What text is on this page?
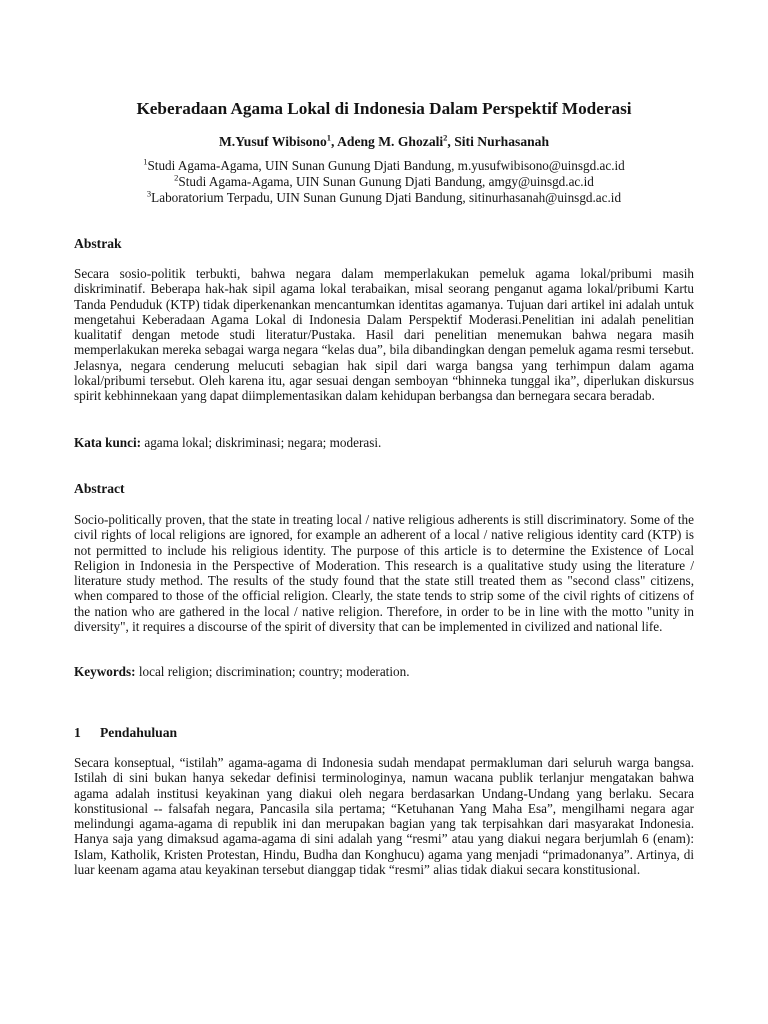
Keberadaan Agama Lokal di Indonesia Dalam Perspektif Moderasi
M.Yusuf Wibisono$^1$, Adeng M. Ghozali$^2$, Siti Nurhasanah
$^1$Studi Agama-Agama, UIN Sunan Gunung Djati Bandung, m.yusufwibisono@uinsgd.ac.id
$^2$Studi Agama-Agama, UIN Sunan Gunung Djati Bandung, amgy@uinsgd.ac.id
$^3$Laboratorium Terpadu, UIN Sunan Gunung Djati Bandung, sitinurhasanah@uinsgd.ac.id
Abstrak

Secara sosio-politik terbukti, bahwa negara dalam memperlakukan pemeluk agama lokal/pribumi masih diskriminatif. Beberapa hak-hak sipil agama lokal terabaikan, misal seorang penganut agama lokal/pribumi Kartu Tanda Penduduk (KTP) tidak diperkenankan mencantumkan identitas agamanya. Tujuan dari artikel ini adalah untuk mengetahui Keberadaan Agama Lokal di Indonesia Dalam Perspektif Moderasi.Penelitian ini adalah penelitian kualitatif dengan metode studi literatur/Pustaka. Hasil dari penelitian menemukan bahwa negara masih memperlakukan mereka sebagai warga negara “kelas dua”, bila dibandingkan dengan pemeluk agama resmi tersebut. Jelasnya, negara cenderung melucuti sebagian hak sipil dari warga bangsa yang terhimpun dalam agama lokal/pribumi tersebut. Oleh karena itu, agar sesuai dengan semboyan “bhinneka tunggal ika”, diperlukan diskursus spirit kebhinnekaan yang dapat diimplementasikan dalam kehidupan berbangsa dan bernegara secara beradab.

Kata kunci: agama lokal; diskriminasi; negara; moderasi.
Abstract

Socio-politically proven, that the state in treating local / native religious adherents is still discriminatory. Some of the civil rights of local religions are ignored, for example an adherent of a local / native religious identity card (KTP) is not permitted to include his religious identity. The purpose of this article is to determine the Existence of Local Religion in Indonesia in the Perspective of Moderation. This research is a qualitative study using the literature / literature study method. The results of the study found that the state still treated them as "second class" citizens, when compared to those of the official religion. Clearly, the state tends to strip some of the civil rights of citizens of the nation who are gathered in the local / native religion. Therefore, in order to be in line with the motto "unity in diversity", it requires a discourse of the spirit of diversity that can be implemented in civilized and national life.

Keywords: local religion; discrimination; country; moderation.
1 Pendahuluan

Secara konseptual, “istilah” agama-agama di Indonesia sudah mendapat permakluman dari seluruh warga bangsa. Istilah di sini bukan hanya sekedar definisi terminologinya, namun wacana publik terlanjur mengatakan bahwa agama adalah institusi keyakinan yang diakui oleh negara berdasarkan Undang-Undang yang berlaku. Secara konstitusional -- falsafah negara, Pancasila sila pertama; “Ketuhanan Yang Maha Esa”, mengilhami negara agar melindungi agama-agama di republik ini dan merupakan bagian yang tak terpisahkan dari masyarakat Indonesia. Hanya saja yang dimaksud agama-agama di sini adalah yang “resmi” atau yang diakui negara berjumlah 6 (enam): Islam, Katholik, Kristen Protestan, Hindu, Budha dan Konghucu) agama yang menjadi “primadonanya”. Artinya, di luar keenam agama atau keyakinan tersebut dianggap tidak “resmi” alias tidak diakui secara konstitusional.
